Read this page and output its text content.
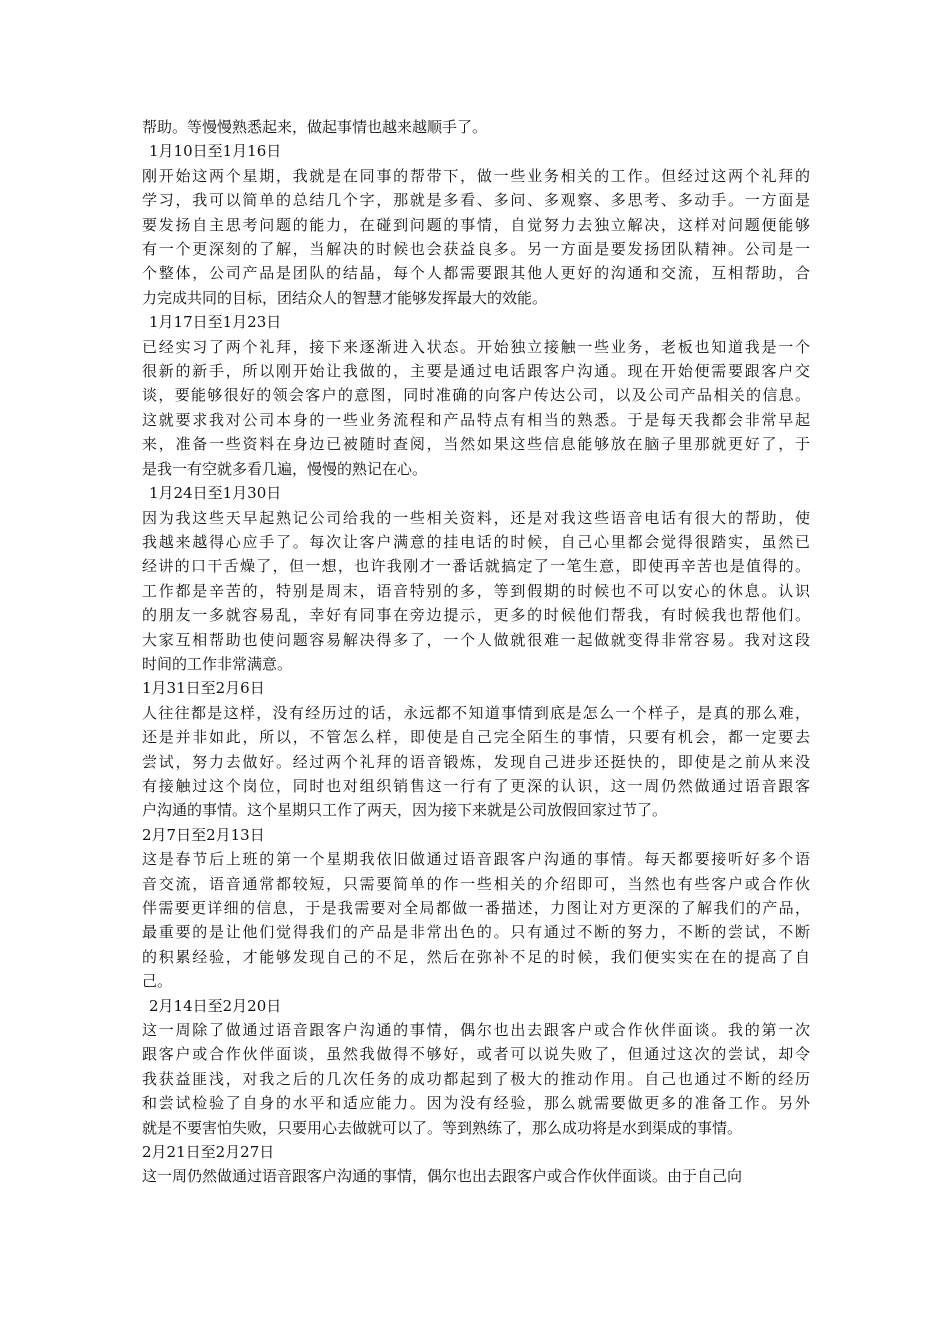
帮助。等慢慢熟悉起来，做起事情也越来越顺手了。
1月10日至1月16日
刚开始这两个星期，我就是在同事的帮带下，做一些业务相关的工作。但经过这两个礼拜的
学习，我可以简单的总结几个字，那就是多看、多问、多观察、多思考、多动手。一方面是
要发扬自主思考问题的能力，在碰到问题的事情，自觉努力去独立解决，这样对问题便能够
有一个更深刻的了解，当解决的时候也会获益良多。另一方面是要发扬团队精神。公司是一
个整体，公司产品是团队的结晶，每个人都需要跟其他人更好的沟通和交流，互相帮助，合
力完成共同的目标，团结众人的智慧才能够发挥最大的效能。
1月17日至1月23日
已经实习了两个礼拜，接下来逐渐进入状态。开始独立接触一些业务，老板也知道我是一个
很新的新手，所以刚开始让我做的，主要是通过电话跟客户沟通。现在开始便需要跟客户交
谈，要能够很好的领会客户的意图，同时准确的向客户传达公司，以及公司产品相关的信息。
这就要求我对公司本身的一些业务流程和产品特点有相当的熟悉。于是每天我都会非常早起
来，准备一些资料在身边已被随时查阅，当然如果这些信息能够放在脑子里那就更好了，于
是我一有空就多看几遍，慢慢的熟记在心。
1月24日至1月30日
因为我这些天早起熟记公司给我的一些相关资料，还是对我这些语音电话有很大的帮助，使
我越来越得心应手了。每次让客户满意的挂电话的时候，自己心里都会觉得很踏实，虽然已
经讲的口干舌燥了，但一想，也许我刚才一番话就搞定了一笔生意，即使再辛苦也是值得的。
工作都是辛苦的，特别是周末，语音特别的多，等到假期的时候也不可以安心的休息。认识
的朋友一多就容易乱，幸好有同事在旁边提示，更多的时候他们帮我，有时候我也帮他们。
大家互相帮助也使问题容易解决得多了，一个人做就很难一起做就变得非常容易。我对这段
时间的工作非常满意。
1月31日至2月6日
人往往都是这样，没有经历过的话，永远都不知道事情到底是怎么一个样子，是真的那么难，
还是并非如此，所以，不管怎么样，即使是自己完全陌生的事情，只要有机会，都一定要去
尝试，努力去做好。经过两个礼拜的语音锻炼，发现自己进步还挺快的，即使是之前从来没
有接触过这个岗位，同时也对组织销售这一行有了更深的认识，这一周仍然做通过语音跟客
户沟通的事情。这个星期只工作了两天，因为接下来就是公司放假回家过节了。
2月7日至2月13日
这是春节后上班的第一个星期我依旧做通过语音跟客户沟通的事情。每天都要接听好多个语
音交流，语音通常都较短，只需要简单的作一些相关的介绍即可，当然也有些客户或合作伙
伴需要更详细的信息，于是我需要对全局都做一番描述，力图让对方更深的了解我们的产品，
最重要的是让他们觉得我们的产品是非常出色的。只有通过不断的努力，不断的尝试，不断
的积累经验，才能够发现自己的不足，然后在弥补不足的时候，我们便实实在在的提高了自
己。
2月14日至2月20日
这一周除了做通过语音跟客户沟通的事情，偶尔也出去跟客户或合作伙伴面谈。我的第一次
跟客户或合作伙伴面谈，虽然我做得不够好，或者可以说失败了，但通过这次的尝试，却令
我获益匪浅，对我之后的几次任务的成功都起到了极大的推动作用。自己也通过不断的经历
和尝试检验了自身的水平和适应能力。因为没有经验，那么就需要做更多的准备工作。另外
就是不要害怕失败，只要用心去做就可以了。等到熟练了，那么成功将是水到渠成的事情。
2月21日至2月27日
这一周仍然做通过语音跟客户沟通的事情，偶尔也出去跟客户或合作伙伴面谈。由于自己向
